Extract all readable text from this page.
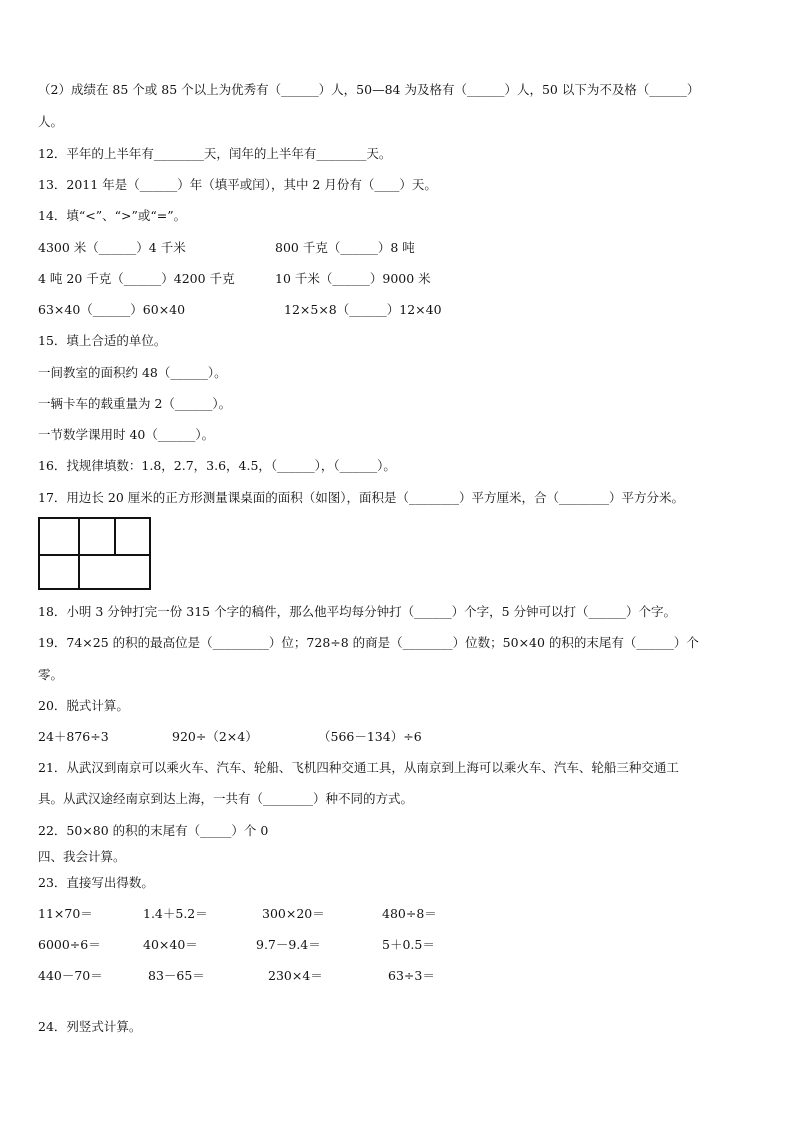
（2）成绩在 85 个或 85 个以上为优秀有（______）人，50—84 为及格有（______）人，50 以下为不及格（______）
人。
12．平年的上半年有________天，闰年的上半年有________天。
13．2011 年是（______）年（填平或闰），其中 2 月份有（____）天。
14．填“<”、“>”或“=”。
4300 米（______）4 千米	800 千克（______）8 吨
4 吨 20 千克（______）4200 千克	10 千米（______）9000 米
63×40（______）60×40	12×5×8（______）12×40
15．填上合适的单位。
一间教室的面积约 48（______）。
一辆卡车的载重量为 2（______）。
一节数学课用时 40（______）。
16．找规律填数：1.8，2.7，3.6，4.5，（______），（______）。
17．用边长 20 厘米的正方形测量课桌面的面积（如图），面积是（________）平方厘米，合（________）平方分米。
18．小明 3 分钟打完一份 315 个字的稿件，那么他平均每分钟打（______）个字，5 分钟可以打（______）个字。
19．74×25 的积的最高位是（_________）位；728÷8 的商是（________）位数；50×40 的积的末尾有（______）个
零。
20．脱式计算。
24＋876÷3	920÷（2×4）	（566－134）÷6
21．从武汉到南京可以乘火车、汽车、轮船、飞机四种交通工具，从南京到上海可以乘火车、汽车、轮船三种交通工
具。从武汉途经南京到达上海，一共有（________）种不同的方式。
22．50×80 的积的末尾有（_____）个 0
四、我会计算。
23．直接写出得数。
11×70＝	1.4＋5.2＝	300×20＝	480÷8＝
6000÷6＝	40×40＝	9.7－9.4＝	5＋0.5＝
440－70＝	83－65＝	230×4＝	63÷3＝
24．列竖式计算。
